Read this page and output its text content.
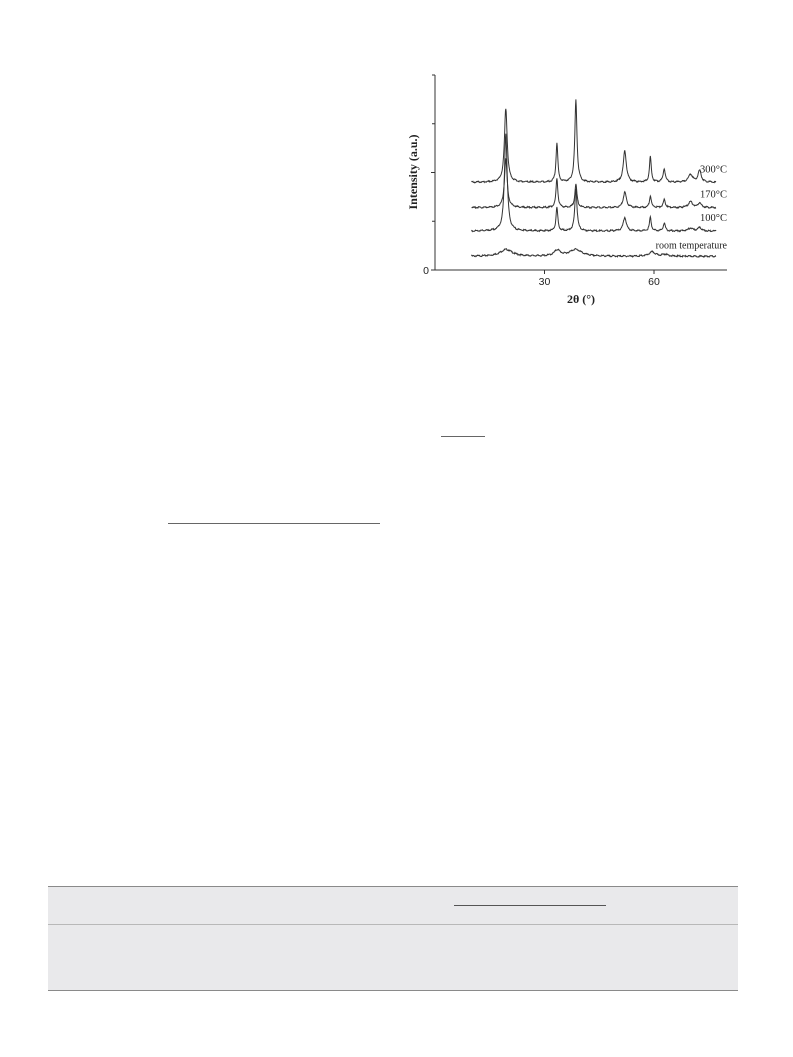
30	60
0
room temperature
100°C
170°C
300°C
2θ (°)
Intensity (a.u.)
